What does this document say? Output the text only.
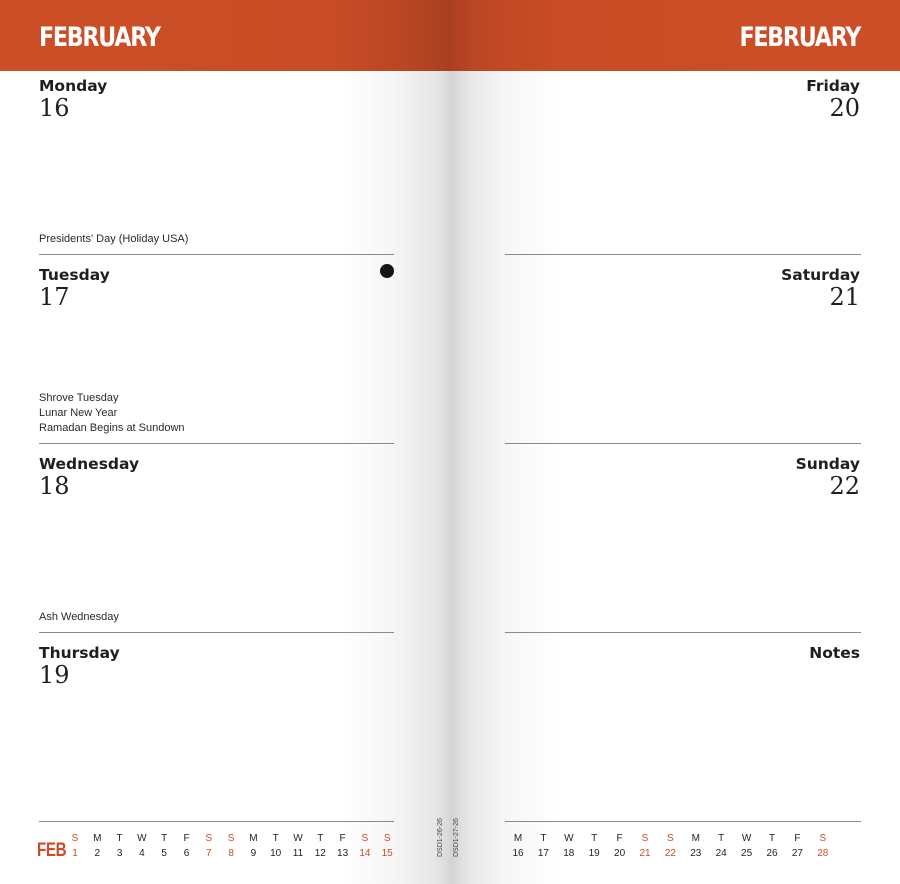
FEBRUARY
Monday
16
Presidents' Day (Holiday USA)
Tuesday
17
Shrove Tuesday
Lunar New Year
Ramadan Begins at Sundown
Wednesday
18
Ash Wednesday
Thursday
19
FEB
S
1
M
2
T
3
W
4
T
5
F
6
S
7
S
8
M
9
T
10
W
11
T
12
F
13
S
14
S
15	DSD1-26-26
FEBRUARY
Friday
20
Saturday
21
Sunday
22
Notes
M
16
T
17
W
18
T
19
F
20
S
21
S
22
M
23
T
24
W
25
T
26
F
27
S
28
DSD1-27-26
